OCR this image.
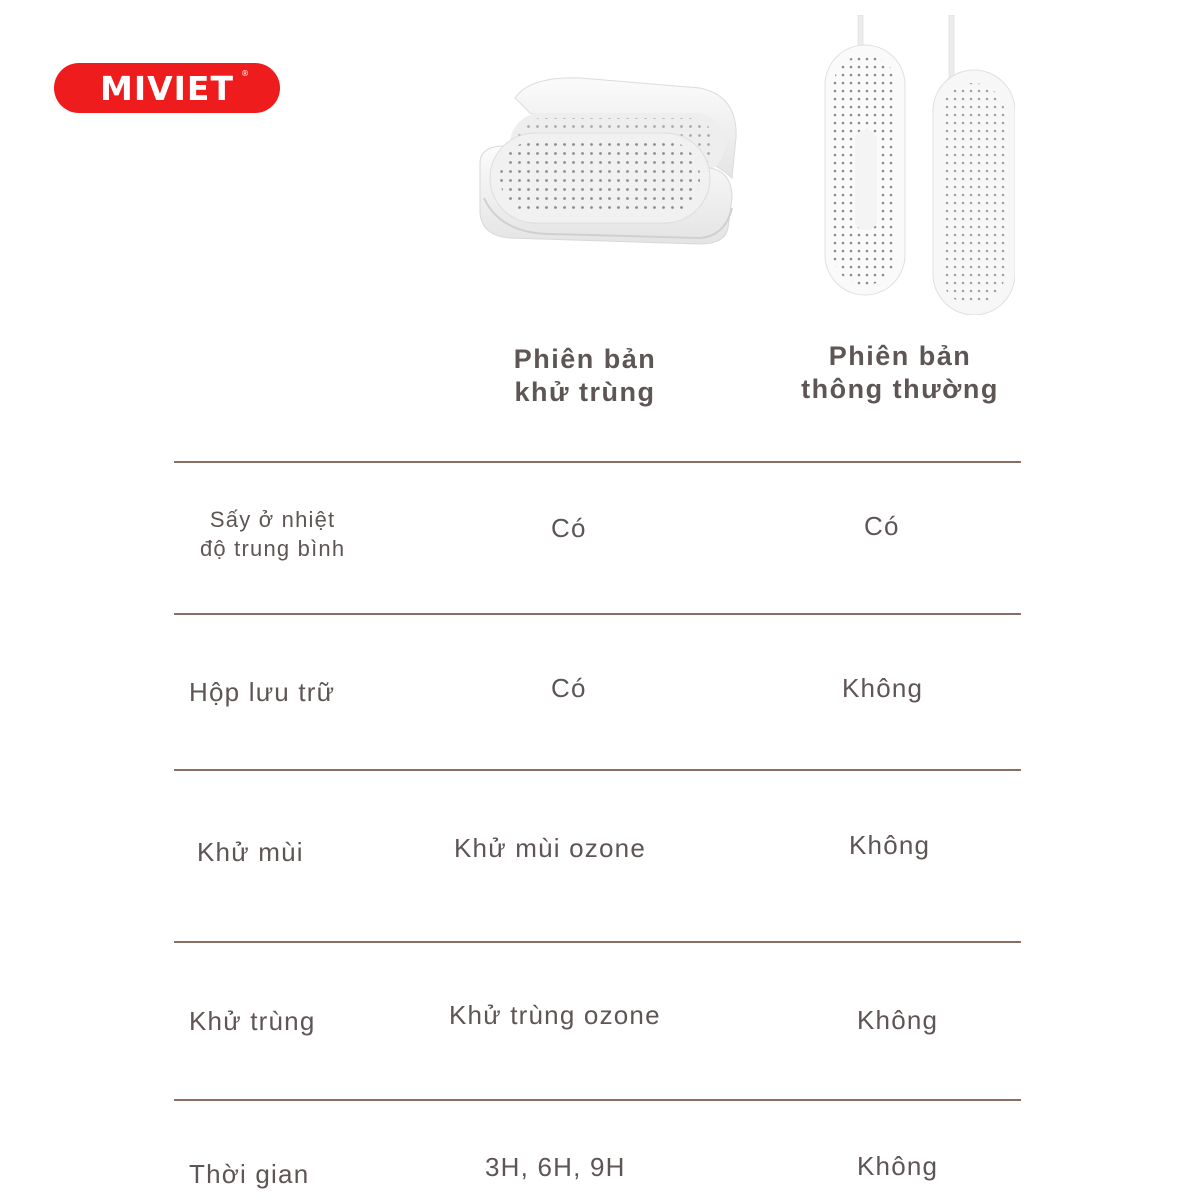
MIVIET ®
Phiên bản
khử trùng
Phiên bản
thông thường
Sấy ở nhiệt
độ trung bình
Có	Có
Hộp lưu trữ	Có	Không
Khử mùi	Khử mùi ozone	Không
Khử trùng	Khử trùng ozone	Không
Thời gian	3H, 6H, 9H	Không
